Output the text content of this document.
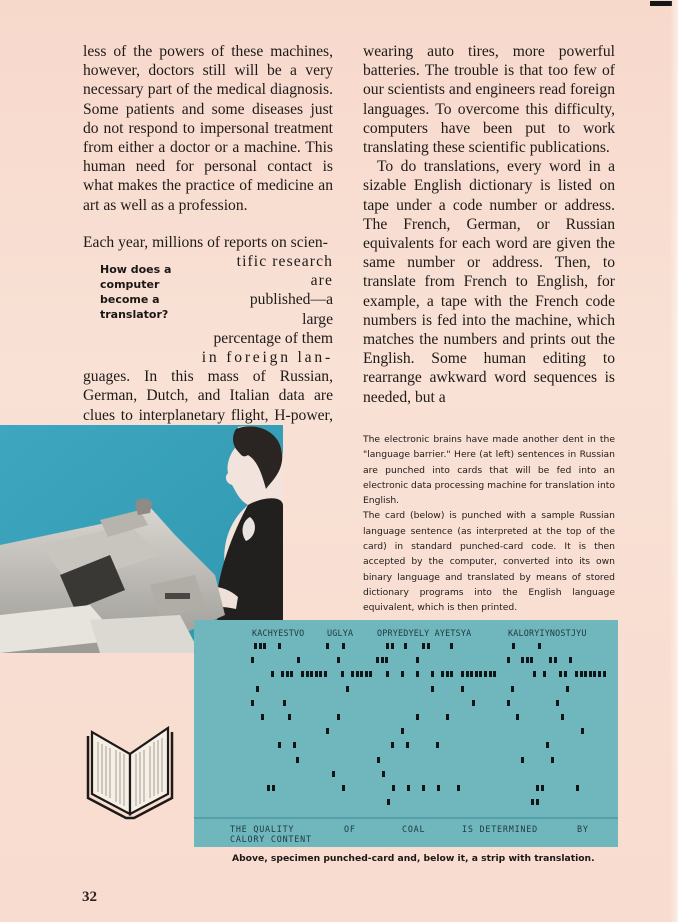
less of the powers of these machines, however, doctors still will be a very necessary part of the medical diagnosis. Some patients and some diseases just do not respond to impersonal treatment from either a doctor or a machine. This human need for personal contact is what makes the practice of medicine an art as well as a profession.

Each year, millions of reports on scien-

How does a computer become a translator?

tific research are

published—a large

percentage of them

in foreign lan-

guages. In this mass of Russian, German, Dutch, and Italian data are clues to interplanetary flight, H-power,

wearing auto tires, more powerful batteries. The trouble is that too few of our scientists and engineers read foreign languages. To overcome this difficulty, computers have been put to work translating these scientific publications.

To do translations, every word in a sizable English dictionary is listed on tape under a code number or address. The French, German, or Russian equivalents for each word are given the same number or address. Then, to translate from French to English, for example, a tape with the French code numbers is fed into the machine, which matches the numbers and prints out the English. Some human editing to rearrange awkward word sequences is needed, but a

The electronic brains have made another dent in the "language barrier." Here (at left) sentences in Russian are punched into cards that will be fed into an electronic data processing machine for translation into English.

The card (below) is punched with a sample Russian language sentence (as interpreted at the top of the card) in standard punched-card code. It is then accepted by the computer, converted into its own binary language and translated by means of stored dictionary programs into the English language equivalent, which is then printed.

KACHYESTVO	UGLYA	OPRYEDYELY AYETSYA	KALORYIYNOSTJYU
THE QUALITY	OF	COAL	IS DETERMINED	BY
CALORY CONTENT
Above, specimen punched-card and, below it, a strip with translation.
32
